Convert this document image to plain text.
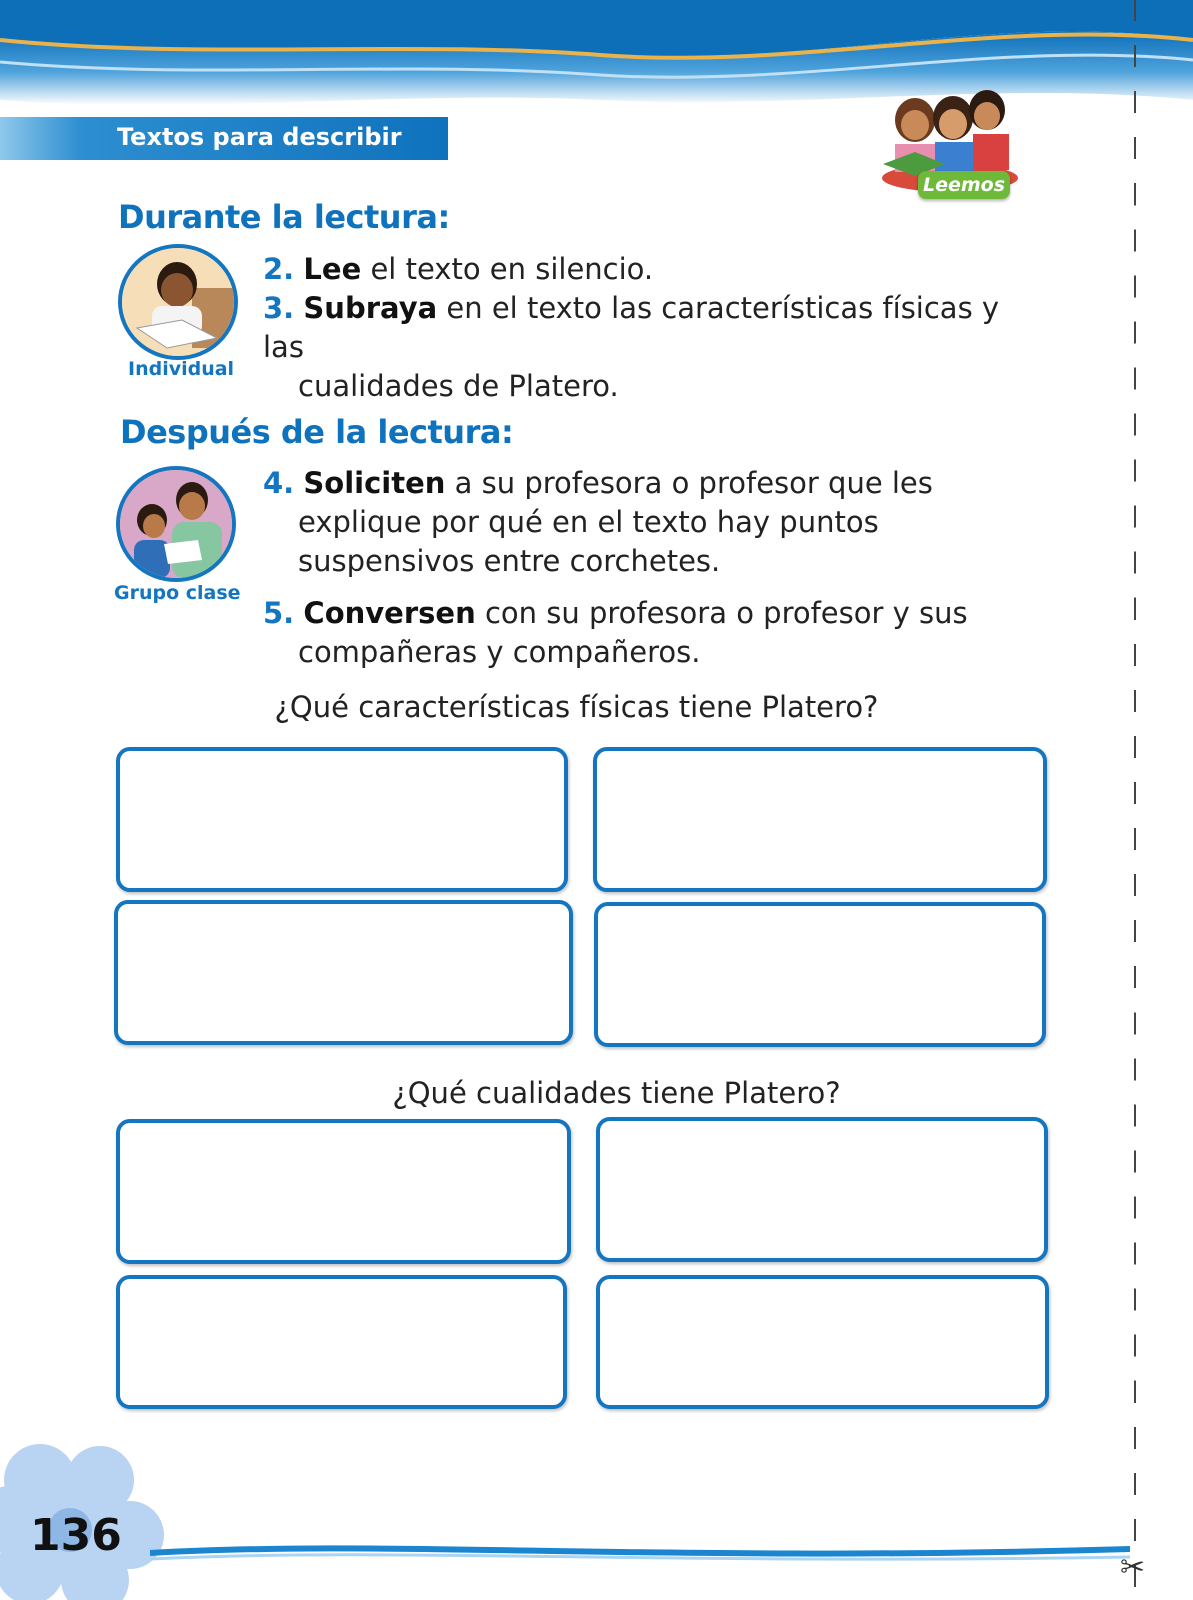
✂
Textos para describir
Leemos
Durante la lectura:
Individual
2. Lee el texto en silencio.
3. Subraya en el texto las características físicas y las
cualidades de Platero.
Después de la lectura:
Grupo clase
4. Soliciten a su profesora o profesor que les
explique por qué en el texto hay puntos
suspensivos entre corchetes.
5. Conversen con su profesora o profesor y sus
compañeras y compañeros.
¿Qué características físicas tiene Platero?
¿Qué cualidades tiene Platero?
136
